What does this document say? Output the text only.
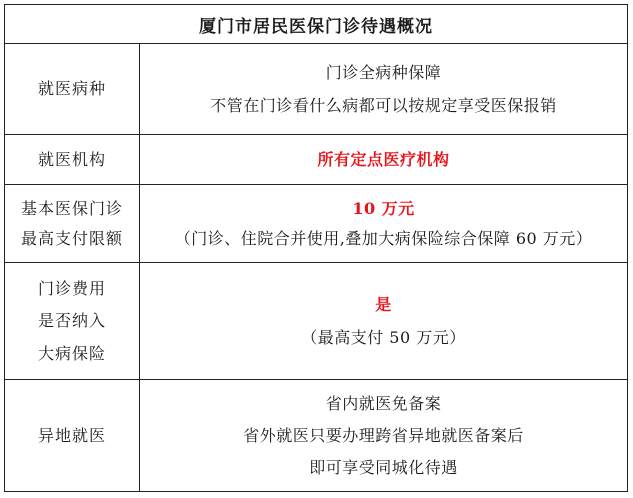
厦门市居民医保门诊待遇概况
就医病种
门诊全病种保障
不管在门诊看什么病都可以按规定享受医保报销
就医机构	所有定点医疗机构
基本医保门诊
最高支付限额
10 万元
（门诊、住院合并使用,叠加大病保险综合保障 60 万元）
门诊费用
是否纳入
大病保险
是
（最高支付 50 万元）
异地就医
省内就医免备案
省外就医只要办理跨省异地就医备案后
即可享受同城化待遇
